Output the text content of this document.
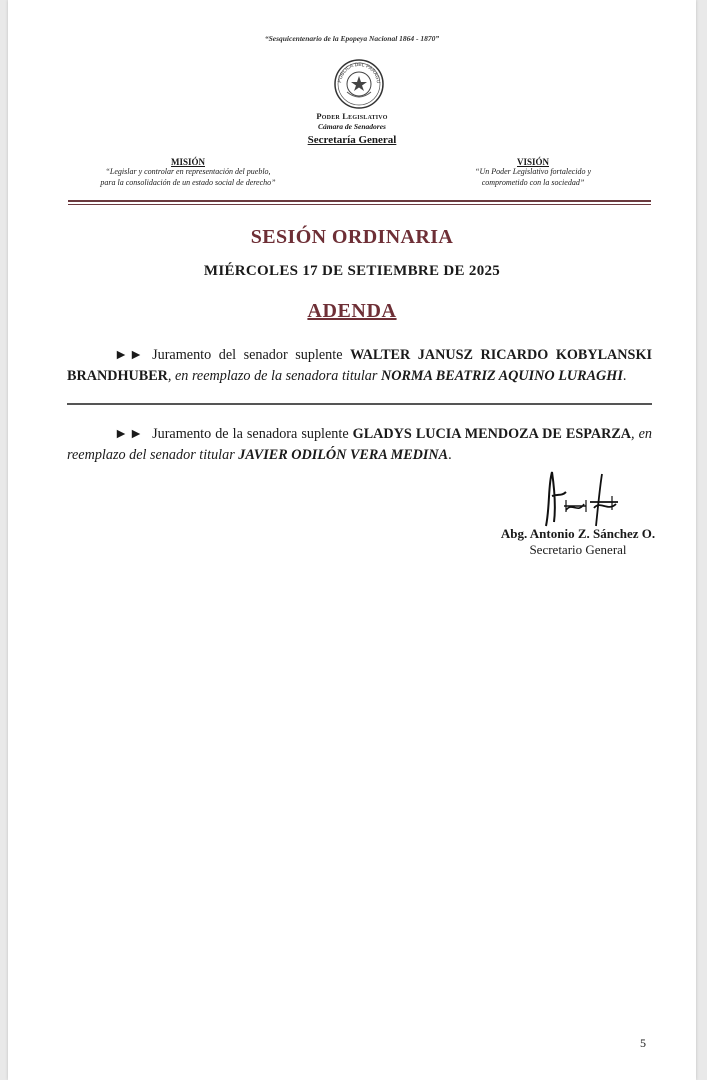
“Sesquicentenario de la Epopeya Nacional 1864 - 1870”
PÚBLICA DEL PARAGU
Poder Legislativo
Cámara de Senadores
Secretaría General
MISIÓN
“Legislar y controlar en representación del pueblo,
para la consolidación de un estado social de derecho”
VISIÓN
“Un Poder Legislativo fortalecido y
comprometido con la sociedad”
SESIÓN ORDINARIA
MIÉRCOLES 17 DE SETIEMBRE DE 2025
ADENDA
►► Juramento del senador suplente WALTER JANUSZ RICARDO KOBYLANSKI BRANDHUBER, en reemplazo de la senadora titular NORMA BEATRIZ AQUINO LURAGHI.
►► Juramento de la senadora suplente GLADYS LUCIA MENDOZA DE ESPARZA, en reemplazo del senador titular JAVIER ODILÓN VERA MEDINA.
Abg. Antonio Z. Sánchez O.
Secretario General
5
